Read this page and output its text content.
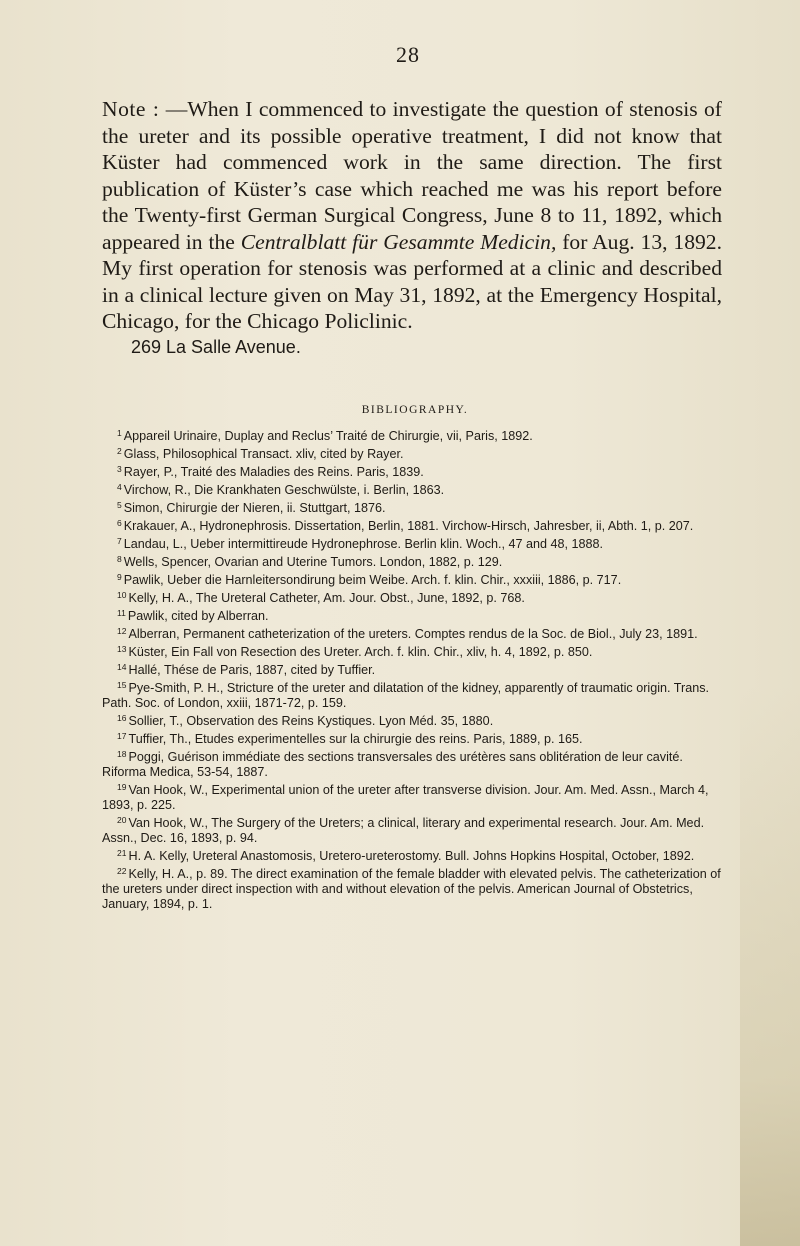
28

Note : —When I commenced to investigate the question of stenosis of the ureter and its possible operative treatment, I did not know that Küster had commenced work in the same direction. The first publication of Küster’s case which reached me was his report before the Twenty-first German Surgical Congress, June 8 to 11, 1892, which appeared in the Centralblatt für Gesammte Medicin, for Aug. 13, 1892. My first operation for stenosis was performed at a clinic and described in a clinical lecture given on May 31, 1892, at the Emergency Hospital, Chicago, for the Chicago Policlinic.

269 La Salle Avenue.

BIBLIOGRAPHY.

$^1$ Appareil Urinaire, Duplay and Reclus’ Traité de Chirurgie, vii, Paris, 1892.

$^2$ Glass, Philosophical Transact. xliv, cited by Rayer.

$^3$ Rayer, P., Traité des Maladies des Reins. Paris, 1839.

$^4$ Virchow, R., Die Krankhaten Geschwülste, i. Berlin, 1863.

$^5$ Simon, Chirurgie der Nieren, ii. Stuttgart, 1876.

$^6$ Krakauer, A., Hydronephrosis. Dissertation, Berlin, 1881. Virchow-Hirsch, Jahresber, ii, Abth. 1, p. 207.

$^7$ Landau, L., Ueber intermittireude Hydronephrose. Berlin klin. Woch., 47 and 48, 1888.

$^8$ Wells, Spencer, Ovarian and Uterine Tumors. London, 1882, p. 129.

$^9$ Pawlik, Ueber die Harnleitersondirung beim Weibe. Arch. f. klin. Chir., xxxiii, 1886, p. 717.

$^{10}$ Kelly, H. A., The Ureteral Catheter, Am. Jour. Obst., June, 1892, p. 768.

$^{11}$ Pawlik, cited by Alberran.

$^{12}$ Alberran, Permanent catheterization of the ureters. Comptes rendus de la Soc. de Biol., July 23, 1891.

$^{13}$ Küster, Ein Fall von Resection des Ureter. Arch. f. klin. Chir., xliv, h. 4, 1892, p. 850.

$^{14}$ Hallé, Thése de Paris, 1887, cited by Tuffier.

$^{15}$ Pye-Smith, P. H., Stricture of the ureter and dilatation of the kidney, apparently of traumatic origin. Trans. Path. Soc. of London, xxiii, 1871-72, p. 159.

$^{16}$ Sollier, T., Observation des Reins Kystiques. Lyon Méd. 35, 1880.

$^{17}$ Tuffier, Th., Etudes experimentelles sur la chirurgie des reins. Paris, 1889, p. 165.

$^{18}$ Poggi, Guérison immédiate des sections transversales des urétères sans oblitération de leur cavité. Riforma Medica, 53-54, 1887.

$^{19}$ Van Hook, W., Experimental union of the ureter after transverse division. Jour. Am. Med. Assn., March 4, 1893, p. 225.

$^{20}$ Van Hook, W., The Surgery of the Ureters; a clinical, literary and experimental research. Jour. Am. Med. Assn., Dec. 16, 1893, p. 94.

$^{21}$ H. A. Kelly, Ureteral Anastomosis, Uretero-ureterostomy. Bull. Johns Hopkins Hospital, October, 1892.

$^{22}$ Kelly, H. A., p. 89. The direct examination of the female bladder with elevated pelvis. The catheterization of the ureters under direct inspection with and without elevation of the pelvis. American Journal of Obstetrics, January, 1894, p. 1.
